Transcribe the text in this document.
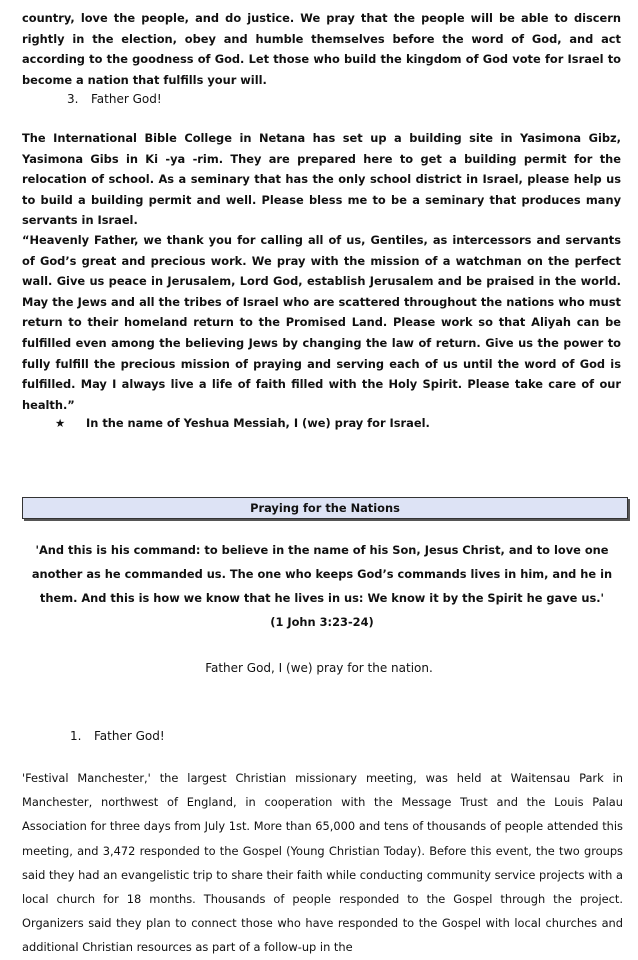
country, love the people, and do justice. We pray that the people will be able to discern rightly in the election, obey and humble themselves before the word of God, and act according to the goodness of God. Let those who build the kingdom of God vote for Israel to become a nation that fulfills your will.

3. Father God!

The International Bible College in Netana has set up a building site in Yasimona Gibz, Yasimona Gibs in Ki -ya -rim. They are prepared here to get a building permit for the relocation of school. As a seminary that has the only school district in Israel, please help us to build a building permit and well. Please bless me to be a seminary that produces many servants in Israel.

“Heavenly Father, we thank you for calling all of us, Gentiles, as intercessors and servants of God’s great and precious work. We pray with the mission of a watchman on the perfect wall. Give us peace in Jerusalem, Lord God, establish Jerusalem and be praised in the world. May the Jews and all the tribes of Israel who are scattered throughout the nations who must return to their homeland return to the Promised Land. Please work so that Aliyah can be fulfilled even among the believing Jews by changing the law of return. Give us the power to fully fulfill the precious mission of praying and serving each of us until the word of God is fulfilled. May I always live a life of faith filled with the Holy Spirit. Please take care of our health.”

★ In the name of Yeshua Messiah, I (we) pray for Israel.
Praying for the Nations
'And this is his command: to believe in the name of his Son, Jesus Christ, and to love one another as he commanded us. The one who keeps God’s commands lives in him, and he in them. And this is how we know that he lives in us: We know it by the Spirit he gave us.'
(1 John 3:23-24)
Father God, I (we) pray for the nation.
1. Father God!

'Festival Manchester,' the largest Christian missionary meeting, was held at Waitensau Park in Manchester, northwest of England, in cooperation with the Message Trust and the Louis Palau Association for three days from July 1st. More than 65,000 and tens of thousands of people attended this meeting, and 3,472 responded to the Gospel (Young Christian Today). Before this event, the two groups said they had an evangelistic trip to share their faith while conducting community service projects with a local church for 18 months. Thousands of people responded to the Gospel through the project. Organizers said they plan to connect those who have responded to the Gospel with local churches and additional Christian resources as part of a follow-up in the
